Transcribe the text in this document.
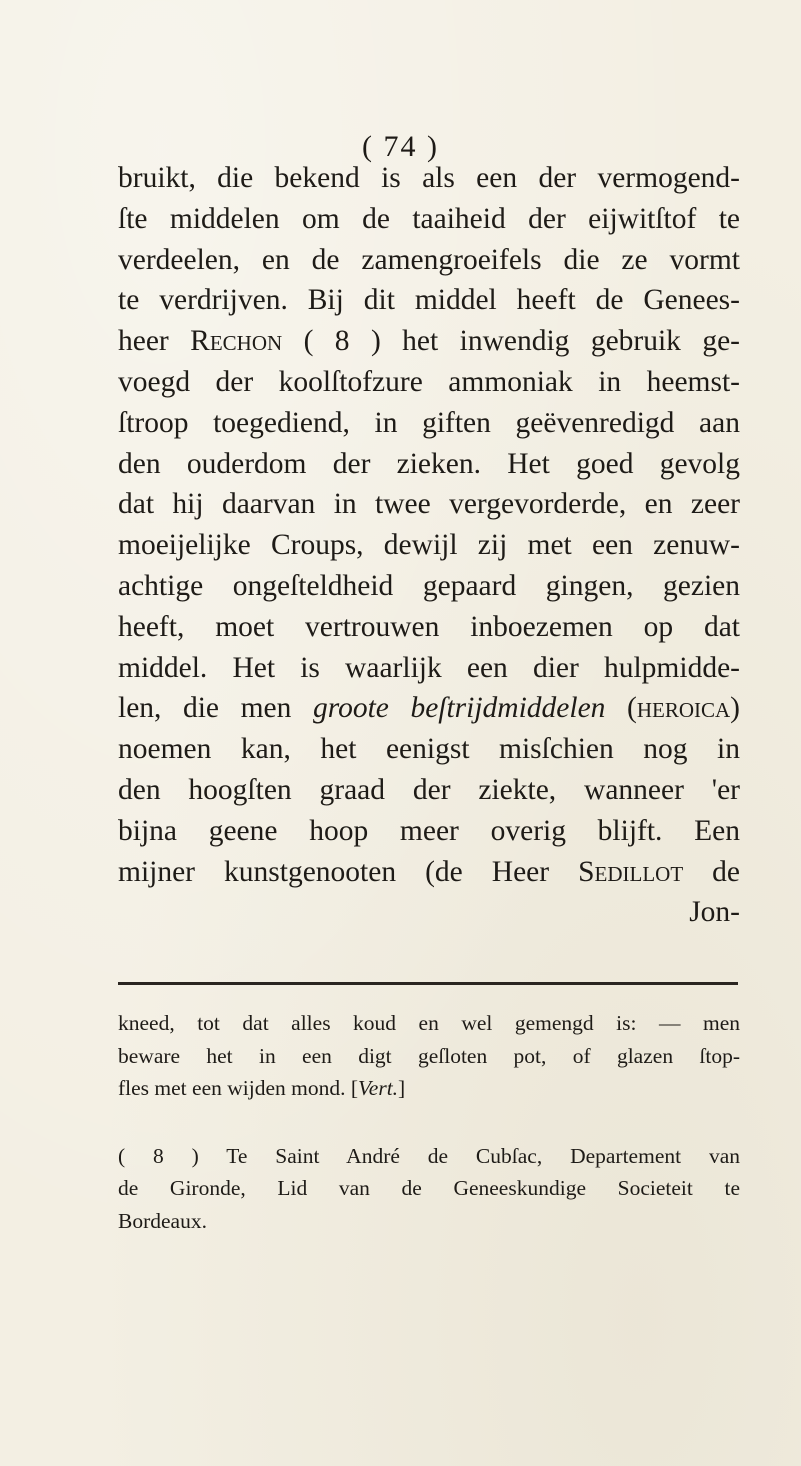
( 74 )
bruikt, die bekend is als een der vermogend-
ſte middelen om de taaiheid der eijwitſtof te
verdeelen, en de zamengroeifels die ze vormt
te verdrijven. Bij dit middel heeft de Genees-
heer Rechon ( 8 ) het inwendig gebruik ge-
voegd der koolſtofzure ammoniak in heemst-
ſtroop toegediend, in giften geëvenredigd aan
den ouderdom der zieken. Het goed gevolg
dat hij daarvan in twee vergevorderde, en zeer
moeijelijke Croups, dewijl zij met een zenuw-
achtige ongeſteldheid gepaard gingen, gezien
heeft, moet vertrouwen inboezemen op dat
middel. Het is waarlijk een dier hulpmidde-
len, die men groote beſtrijdmiddelen (heroica)
noemen kan, het eenigst misſchien nog in
den hoogſten graad der ziekte, wanneer 'er
bijna geene hoop meer overig blijft. Een
mijner kunstgenooten (de Heer Sedillot de
Jon-
kneed, tot dat alles koud en wel gemengd is: — men
beware het in een digt geſloten pot, of glazen ſtop-
fles met een wijden mond. [Vert.]
( 8 ) Te Saint André de Cubſac, Departement van
de Gironde, Lid van de Geneeskundige Societeit te
Bordeaux.
